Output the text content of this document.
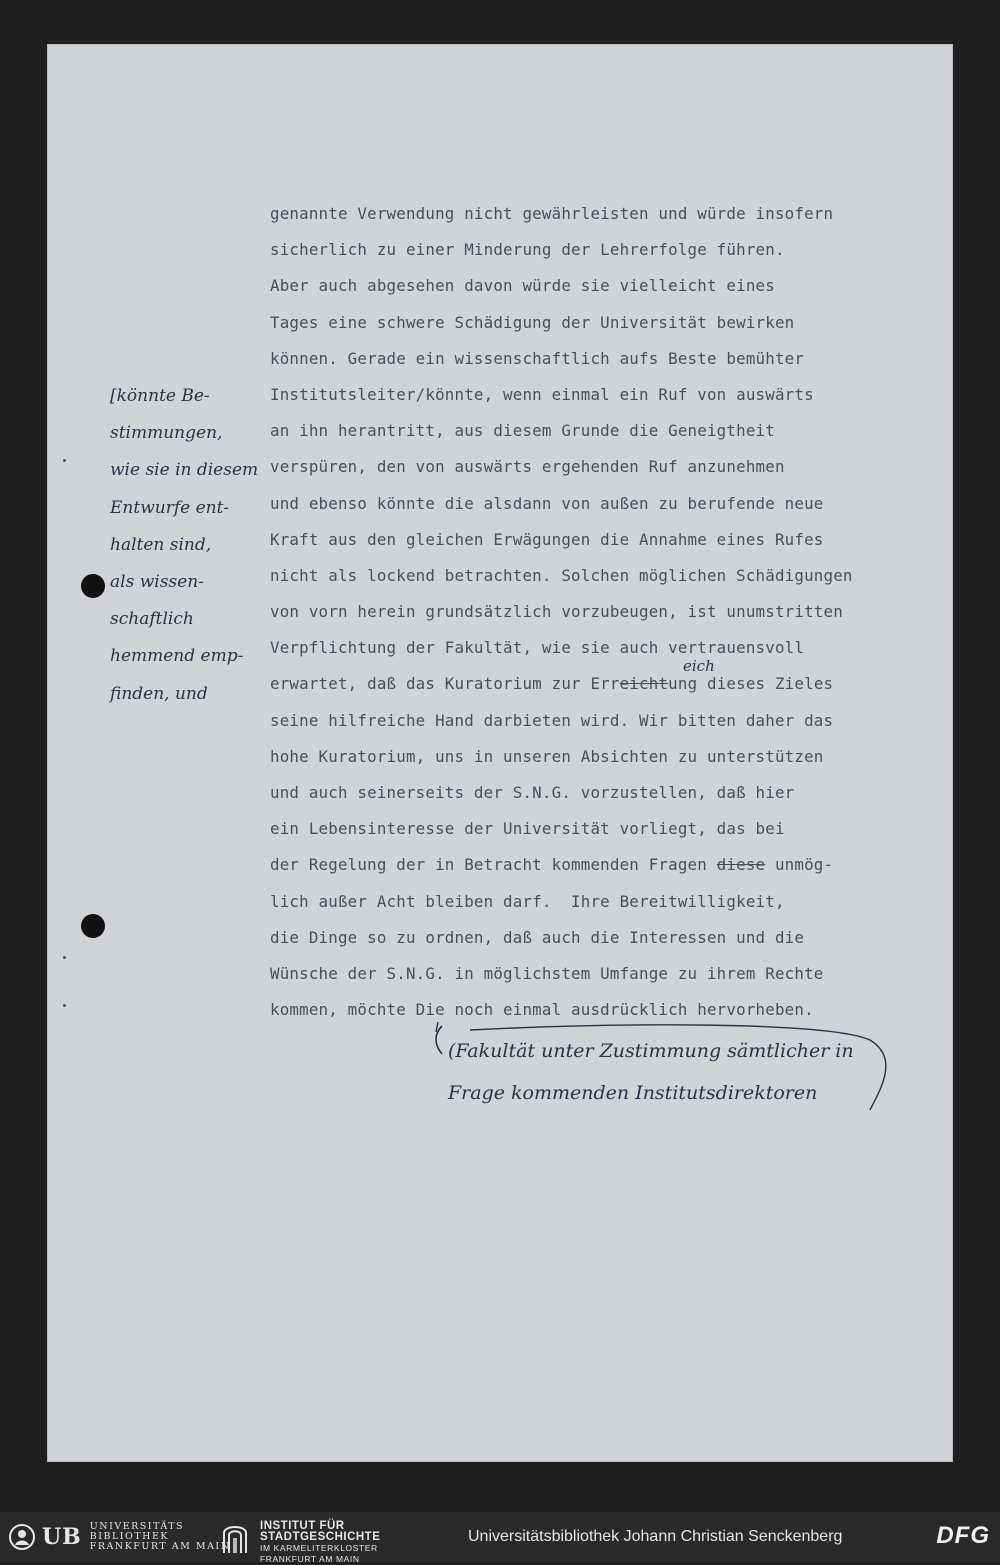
genannte Verwendung nicht gewährleisten und würde insofern
sicherlich zu einer Minderung der Lehrerfolge führen.
Aber auch abgesehen davon würde sie vielleicht eines
Tages eine schwere Schädigung der Universität bewirken
können. Gerade ein wissenschaftlich aufs Beste bemühter
Institutsleiter/könnte, wenn einmal ein Ruf von auswärts
an ihn herantritt, aus diesem Grunde die Geneigtheit
verspüren, den von auswärts ergehenden Ruf anzunehmen
und ebenso könnte die alsdann von außen zu berufende neue
Kraft aus den gleichen Erwägungen die Annahme eines Rufes
nicht als lockend betrachten. Solchen möglichen Schädigungen
von vorn herein grundsätzlich vorzubeugen, ist unumstritten
Verpflichtung der Fakultät, wie sie auch vertrauensvoll
erwartet, daß das Kuratorium zur Erreichtung dieses Zieles
seine hilfreiche Hand darbieten wird. Wir bitten daher das
hohe Kuratorium, uns in unseren Absichten zu unterstützen
und auch seinerseits der S.N.G. vorzustellen, daß hier
ein Lebensinteresse der Universität vorliegt, das bei
der Regelung der in Betracht kommenden Fragen diese unmög-
lich außer Acht bleiben darf.  Ihre Bereitwilligkeit,
die Dinge so zu ordnen, daß auch die Interessen und die
Wünsche der S.N.G. in möglichstem Umfange zu ihrem Rechte
kommen, möchte Die noch einmal ausdrücklich hervorheben.
eich
[könnte Be-
stimmungen,
wie sie in diesem
Entwurfe ent-
halten sind,
als wissen-
schaftlich
hemmend emp-
finden, und
(Fakultät unter Zustimmung sämtlicher in
Frage kommenden Institutsdirektoren
UB UNIVERSITÄTS
BIBLIOTHEK
FRANKFURT AM MAIN
INSTITUT FÜR
STADTGESCHICHTE
IM KARMELITERKLOSTER
FRANKFURT AM MAIN
Universitätsbibliothek Johann Christian Senckenberg	DFG
